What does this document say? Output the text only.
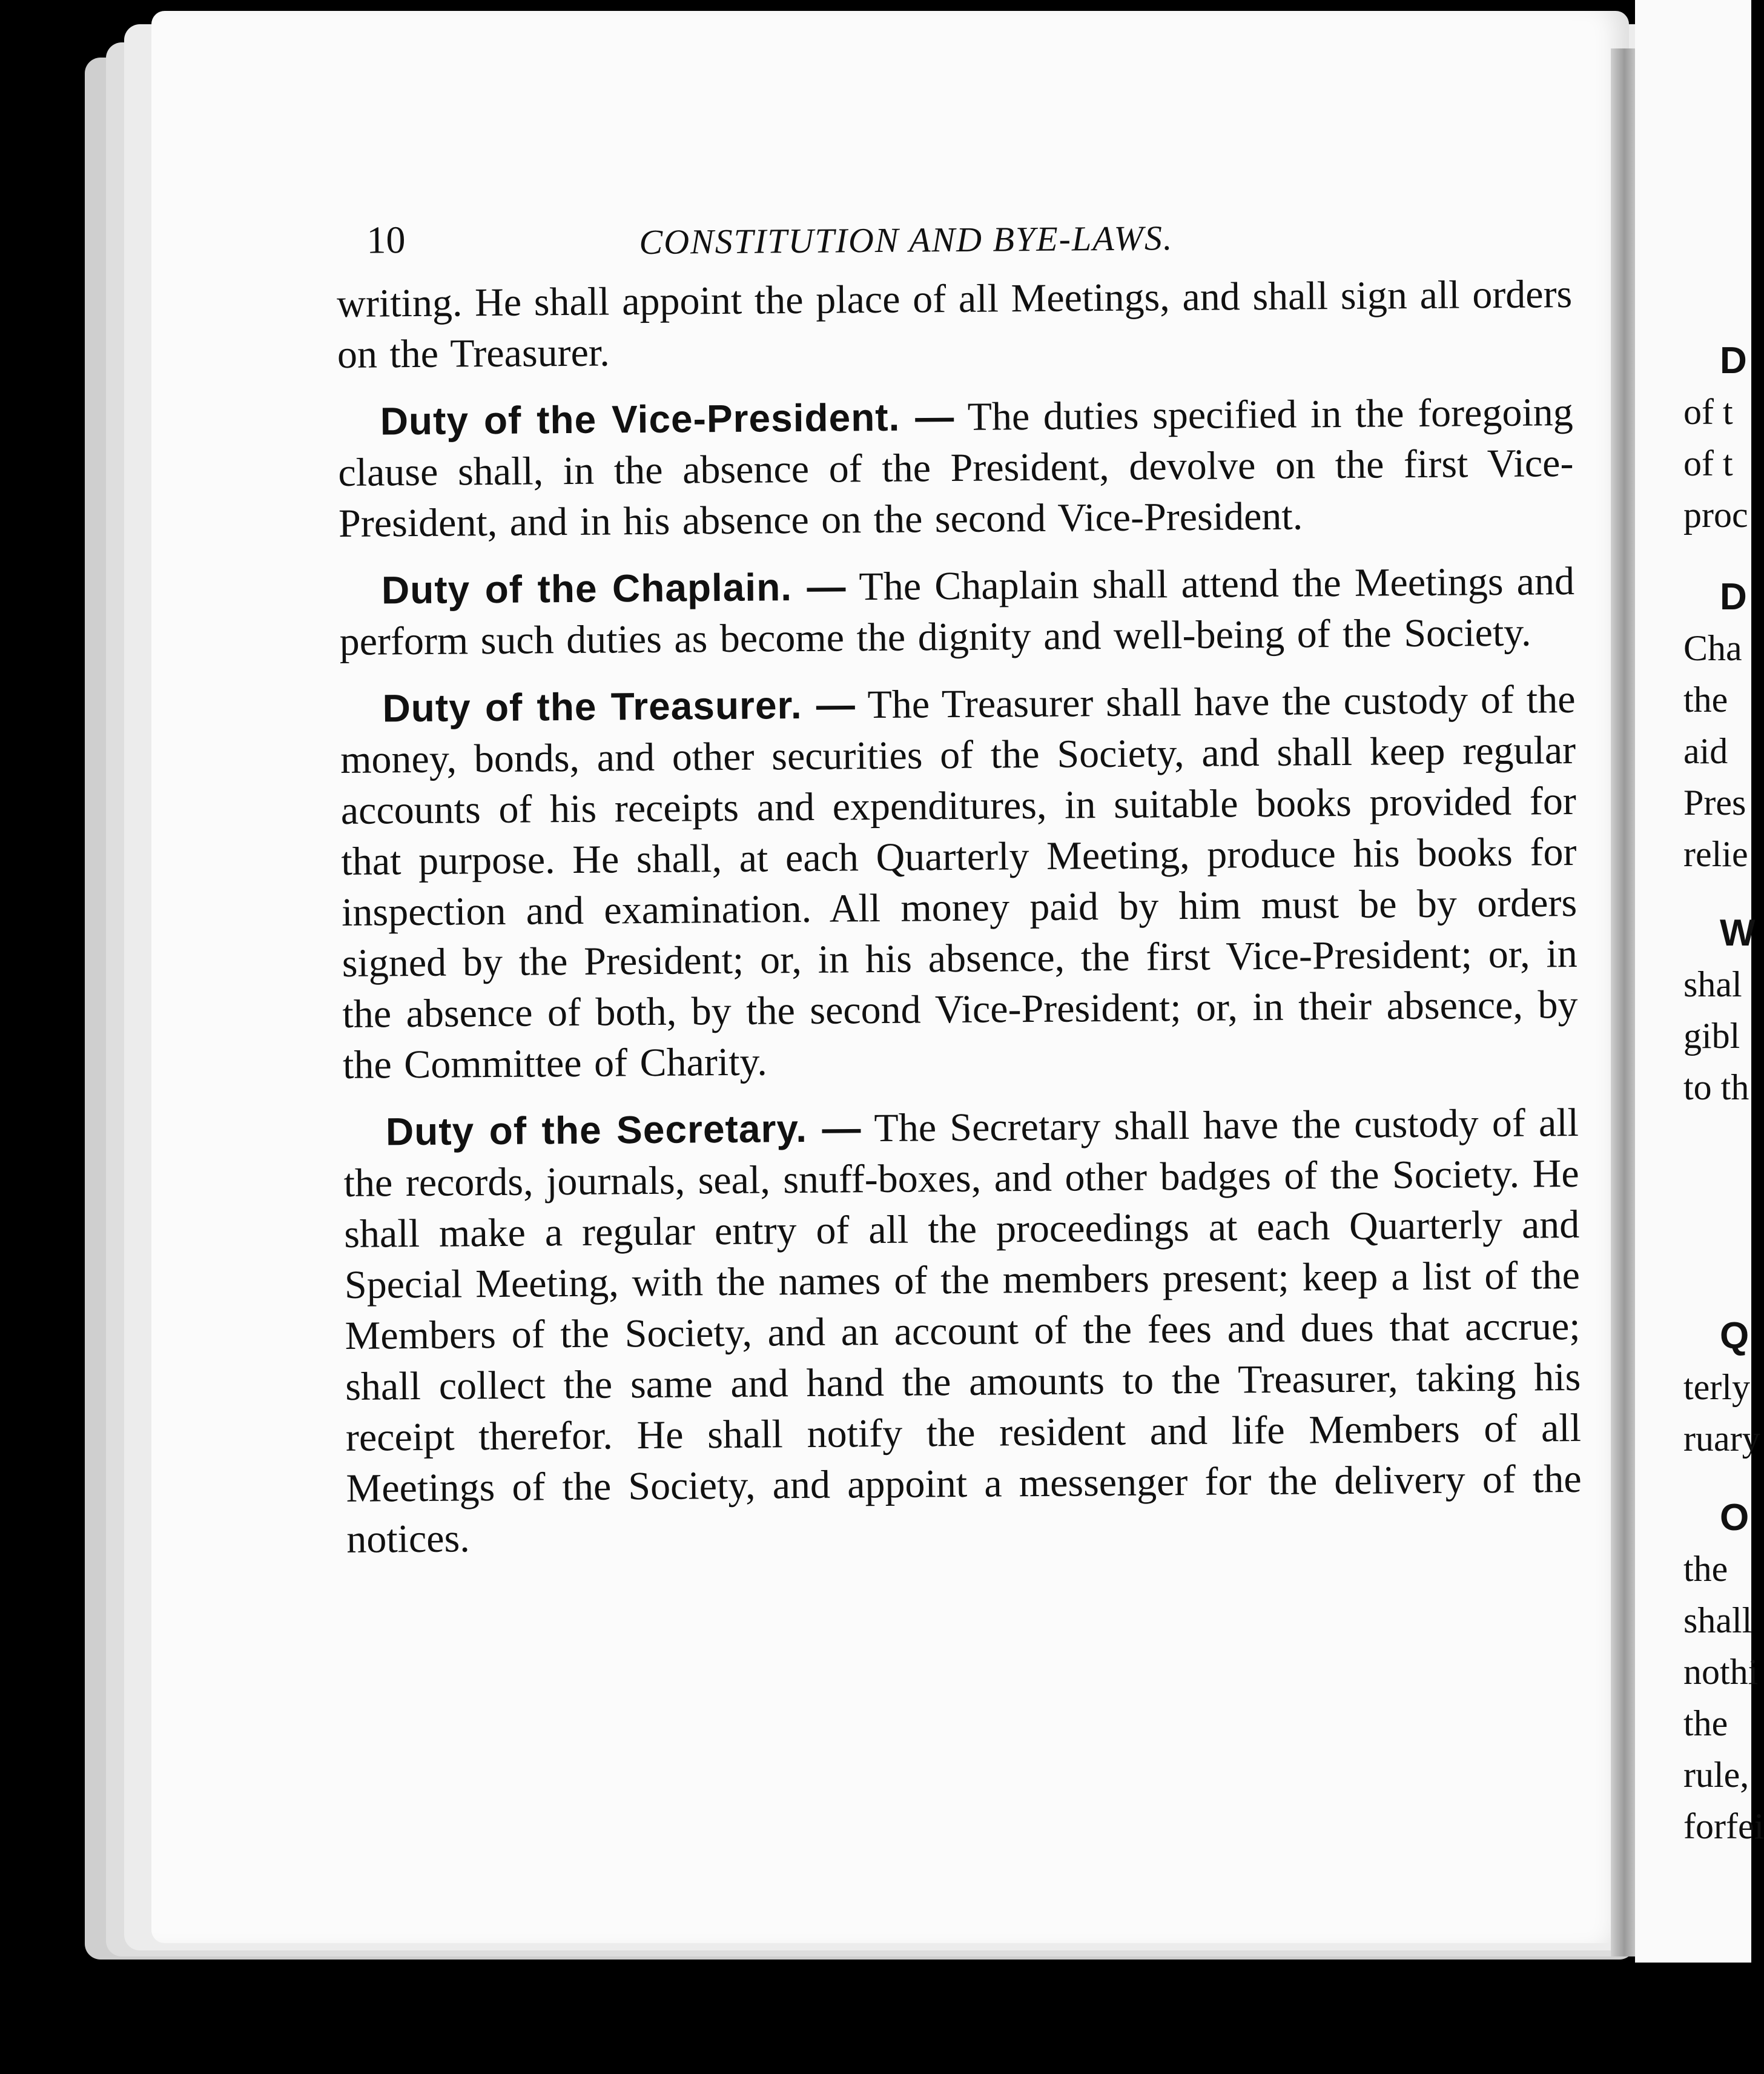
D
of t
of t
proc
D
Cha
the
aid
Pres
relie
W
shal
gibl
to th
Q
terly
ruary
O
the
shall
nothi
the
rule,
forfei
10	CONSTITUTION AND BYE-LAWS.

writing. He shall appoint the place of all Meetings, and shall sign all orders on the Treasurer.

Duty of the Vice-President. — The duties specified in the foregoing clause shall, in the absence of the President, devolve on the first Vice-President, and in his absence on the second Vice-President.

Duty of the Chaplain. — The Chaplain shall attend the Meetings and perform such duties as become the dignity and well-being of the Society.

Duty of the Treasurer. — The Treasurer shall have the custody of the money, bonds, and other securities of the Society, and shall keep regular accounts of his receipts and expenditures, in suitable books provided for that purpose. He shall, at each Quarterly Meeting, produce his books for inspection and examination. All money paid by him must be by orders signed by the President; or, in his absence, the first Vice-President; or, in the absence of both, by the second Vice-President; or, in their absence, by the Committee of Charity.

Duty of the Secretary. — The Secretary shall have the custody of all the records, journals, seal, snuff-boxes, and other badges of the Society. He shall make a regular entry of all the proceedings at each Quarterly and Special Meeting, with the names of the members present; keep a list of the Members of the Society, and an account of the fees and dues that accrue; shall collect the same and hand the amounts to the Treasurer, taking his receipt therefor. He shall notify the resident and life Members of all Meetings of the Society, and appoint a messenger for the delivery of the notices.
